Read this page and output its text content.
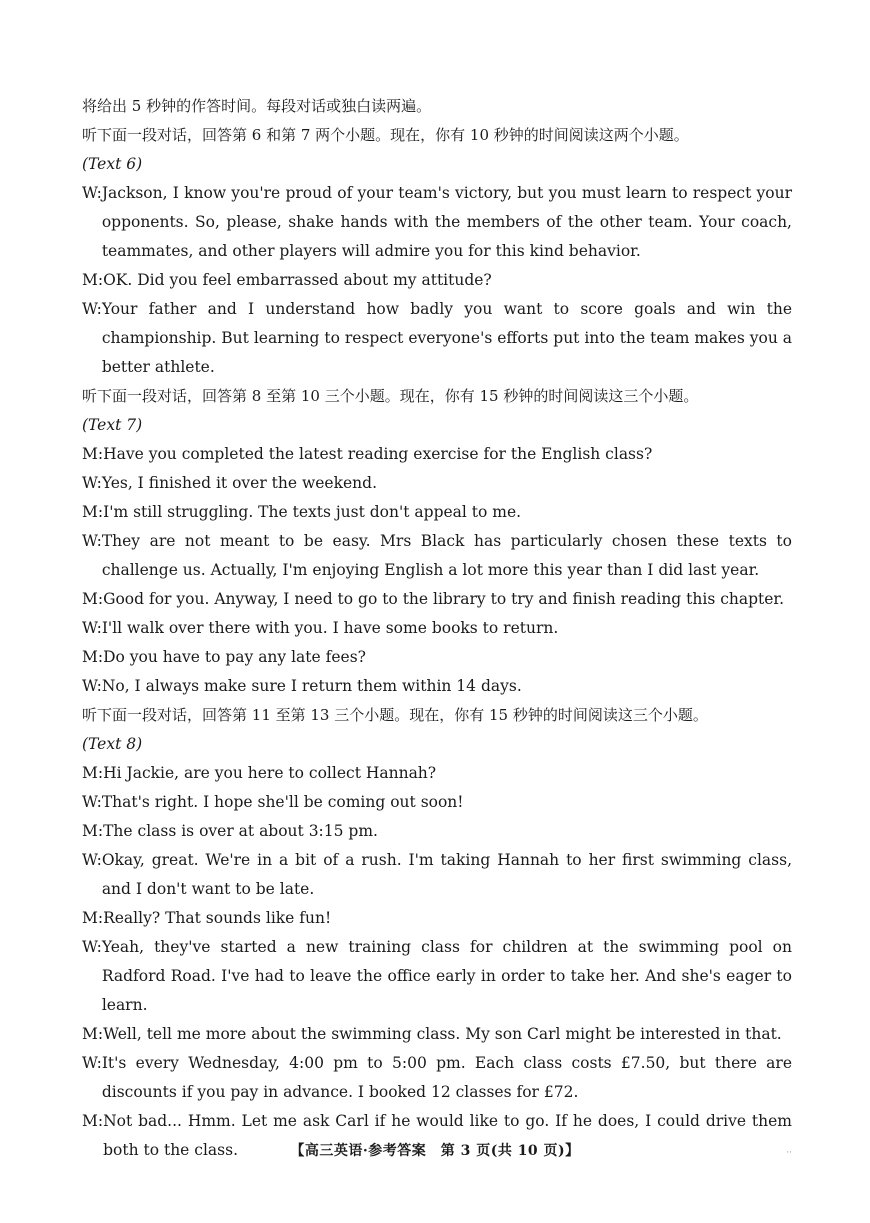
将给出 5 秒钟的作答时间。每段对话或独白读两遍。
听下面一段对话，回答第 6 和第 7 两个小题。现在，你有 10 秒钟的时间阅读这两个小题。
(Text 6)
W: Jackson, I know you're proud of your team's victory, but you must learn to respect your opponents. So, please, shake hands with the members of the other team. Your coach, teammates, and other players will admire you for this kind behavior.
M: OK. Did you feel embarrassed about my attitude?
W: Your father and I understand how badly you want to score goals and win the championship. But learning to respect everyone's efforts put into the team makes you a better athlete.
听下面一段对话，回答第 8 至第 10 三个小题。现在，你有 15 秒钟的时间阅读这三个小题。
(Text 7)
M: Have you completed the latest reading exercise for the English class?
W: Yes, I finished it over the weekend.
M: I'm still struggling. The texts just don't appeal to me.
W: They are not meant to be easy. Mrs Black has particularly chosen these texts to challenge us. Actually, I'm enjoying English a lot more this year than I did last year.
M: Good for you. Anyway, I need to go to the library to try and finish reading this chapter.
W: I'll walk over there with you. I have some books to return.
M: Do you have to pay any late fees?
W: No, I always make sure I return them within 14 days.
听下面一段对话，回答第 11 至第 13 三个小题。现在，你有 15 秒钟的时间阅读这三个小题。
(Text 8)
M: Hi Jackie, are you here to collect Hannah?
W: That's right. I hope she'll be coming out soon!
M: The class is over at about 3:15 pm.
W: Okay, great. We're in a bit of a rush. I'm taking Hannah to her first swimming class, and I don't want to be late.
M: Really? That sounds like fun!
W: Yeah, they've started a new training class for children at the swimming pool on Radford Road. I've had to leave the office early in order to take her. And she's eager to learn.
M: Well, tell me more about the swimming class. My son Carl might be interested in that.
W: It's every Wednesday, 4:00 pm to 5:00 pm. Each class costs £7.50, but there are discounts if you pay in advance. I booked 12 classes for £72.
M: Not bad... Hmm. Let me ask Carl if he would like to go. If he does, I could drive them both to the class.	【高三英语·参考答案　第 3 页(共 10 页)】	··
